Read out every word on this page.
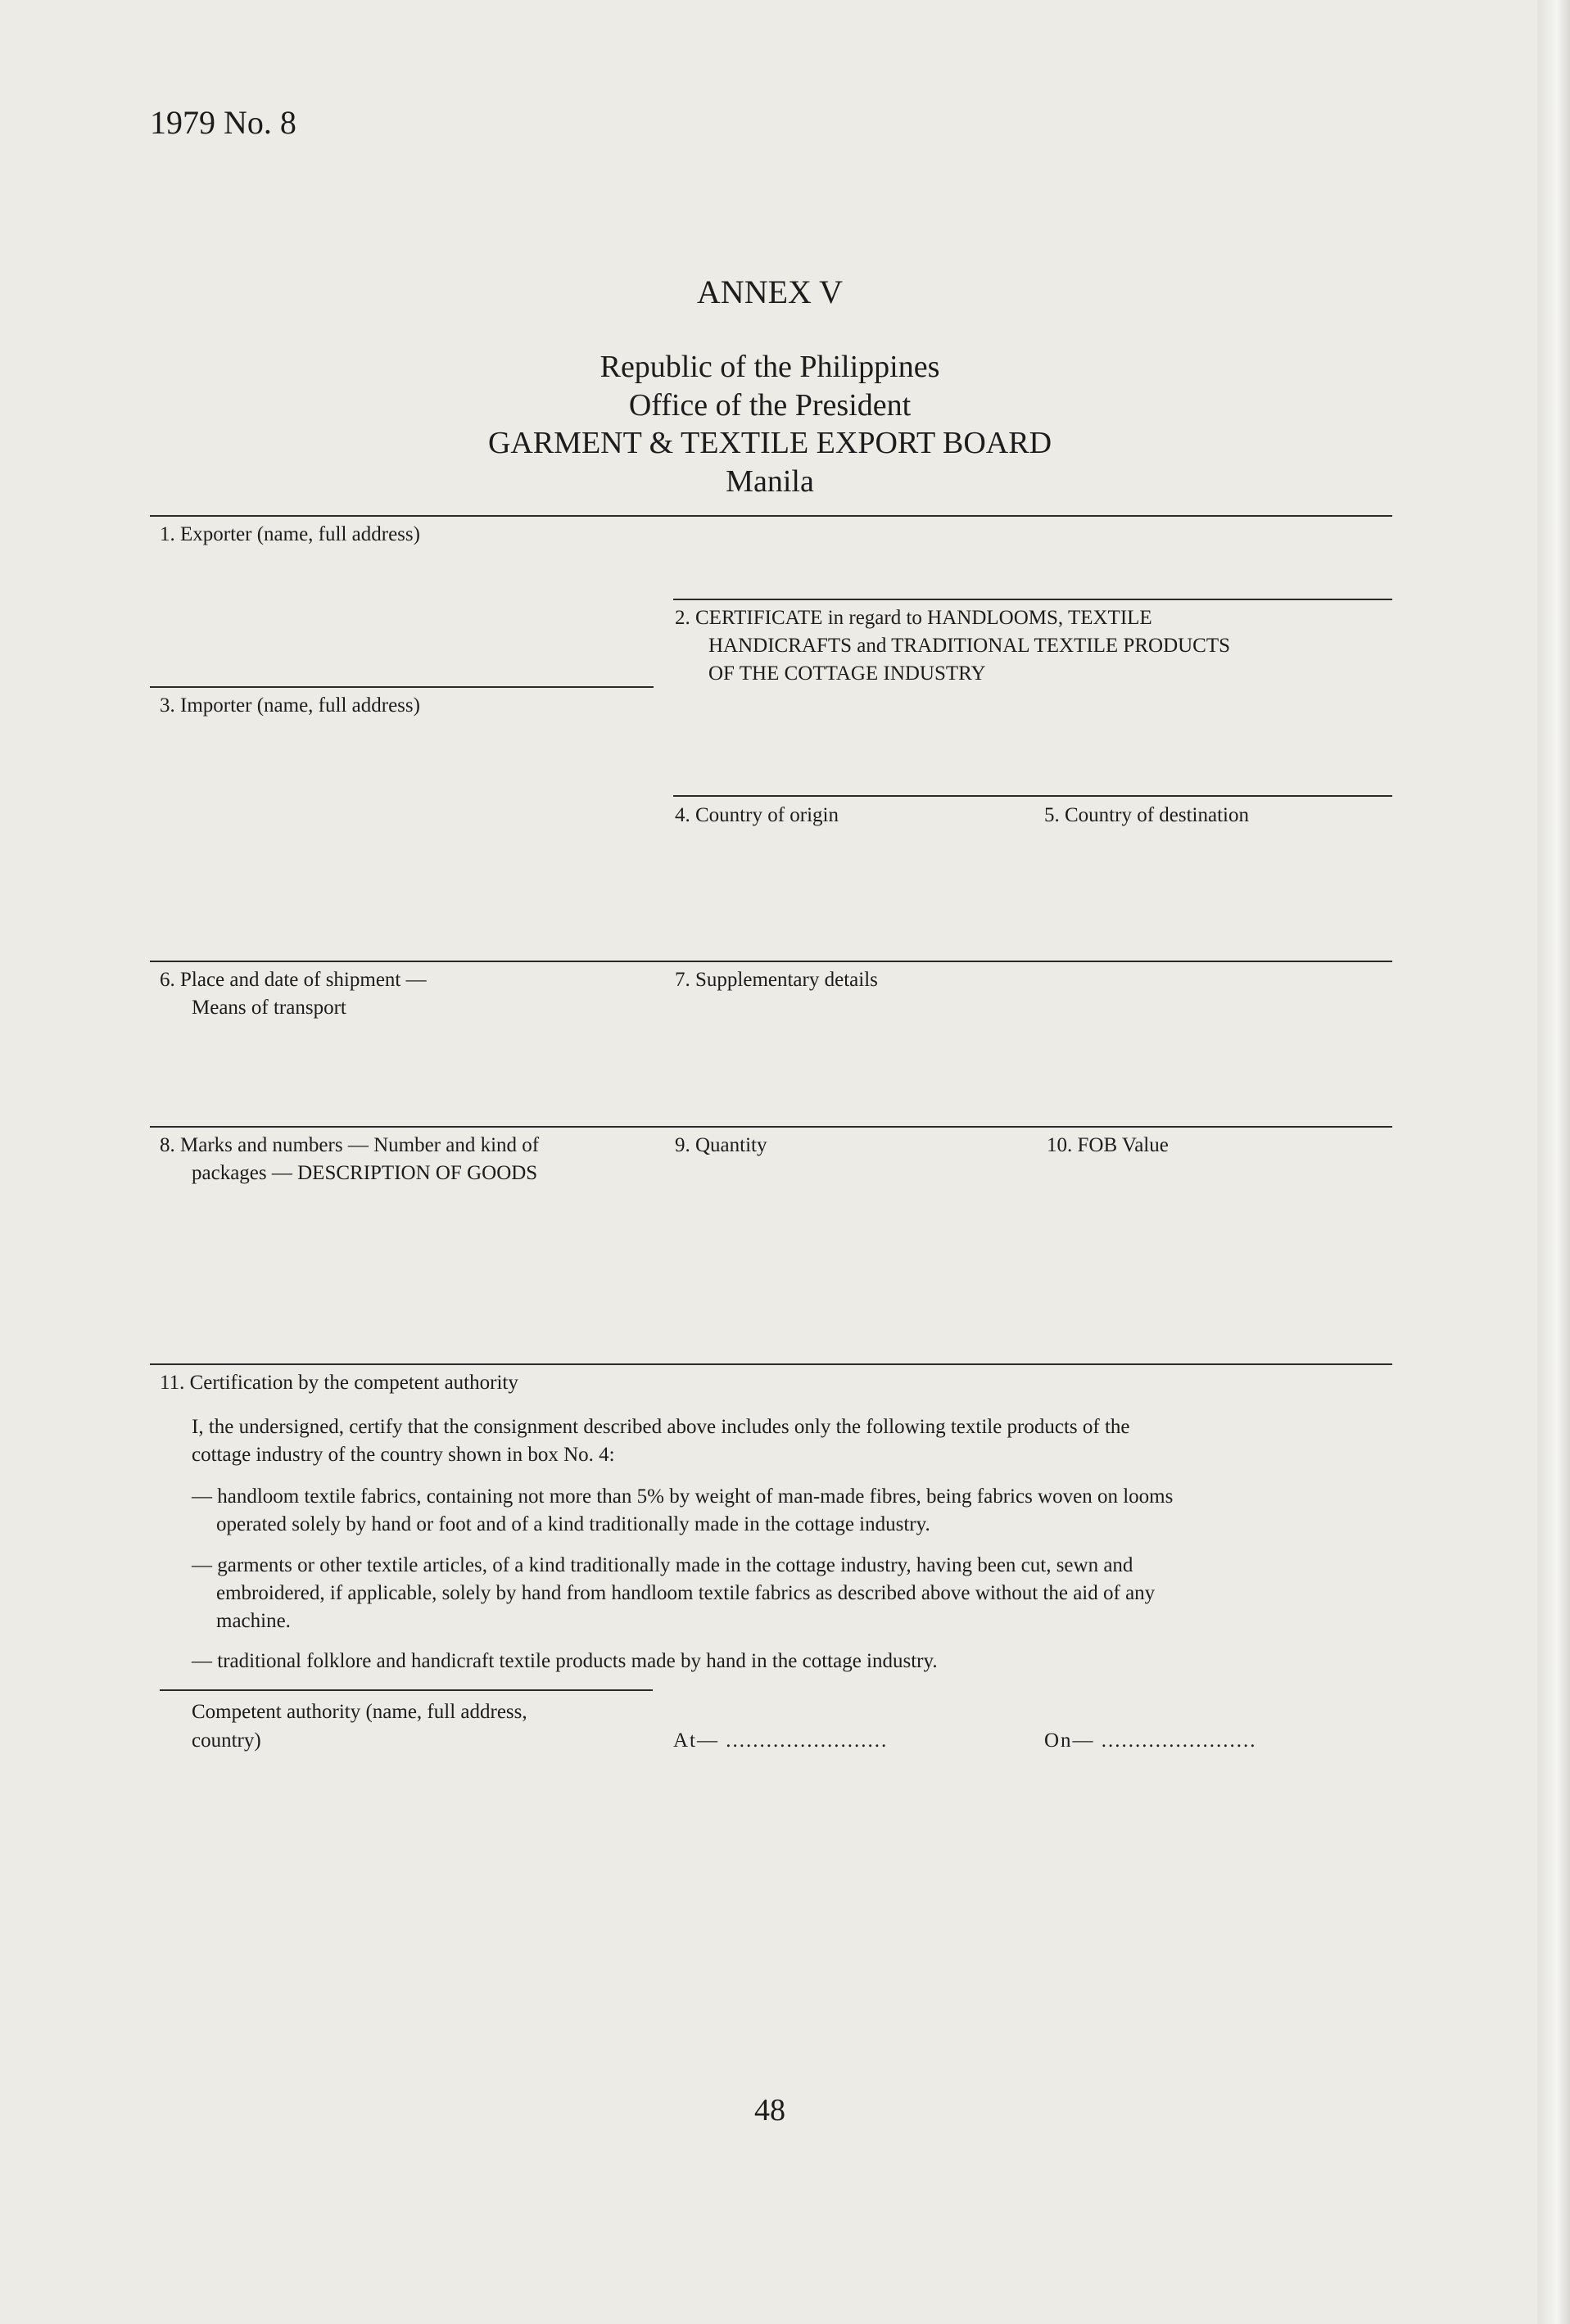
1979 No. 8
ANNEX V
Republic of the Philippines
Office of the President
GARMENT & TEXTILE EXPORT BOARD
Manila
1. Exporter (name, full address)
2. CERTIFICATE in regard to HANDLOOMS, TEXTILE
HANDICRAFTS and TRADITIONAL TEXTILE PRODUCTS
OF THE COTTAGE INDUSTRY
3. Importer (name, full address)
4. Country of origin	5. Country of destination
6. Place and date of shipment —
Means of transport
7. Supplementary details
8. Marks and numbers — Number and kind of
packages — DESCRIPTION OF GOODS
9. Quantity	10. FOB Value
11. Certification by the competent authority
I, the undersigned, certify that the consignment described above includes only the following textile products of the
cottage industry of the country shown in box No. 4:
— handloom textile fabrics, containing not more than 5% by weight of man-made fibres, being fabrics woven on looms
operated solely by hand or foot and of a kind traditionally made in the cottage industry.
— garments or other textile articles, of a kind traditionally made in the cottage industry, having been cut, sewn and
embroidered, if applicable, solely by hand from handloom textile fabrics as described above without the aid of any
machine.
— traditional folklore and handicraft textile products made by hand in the cottage industry.
Competent authority (name, full address,
country)	At— ........................	On— .......................
48
